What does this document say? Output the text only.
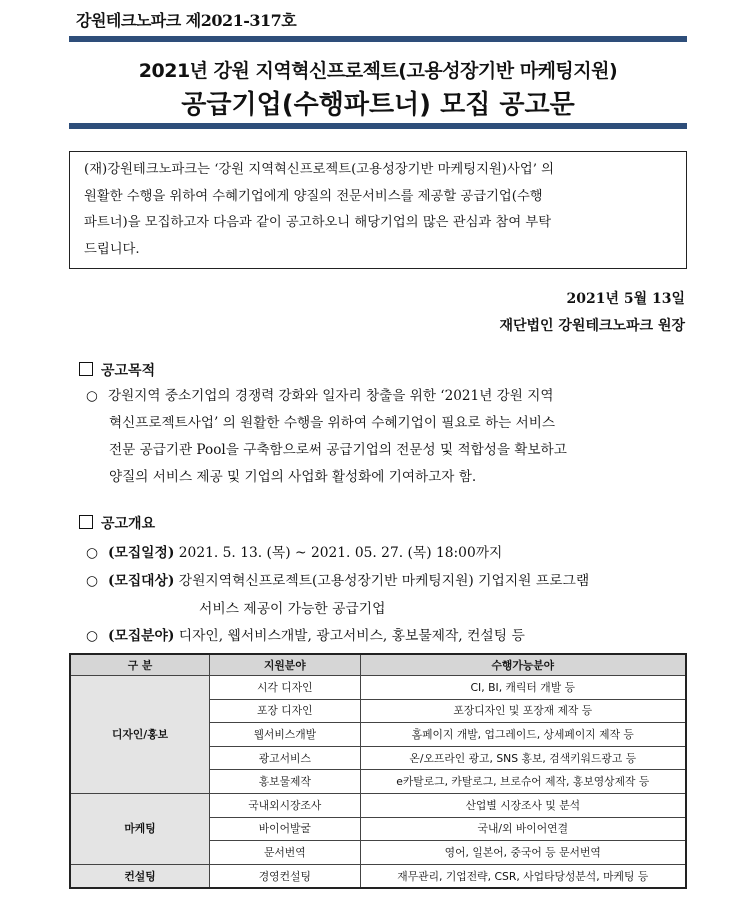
강원테크노파크 제2021-317호
2021년 강원 지역혁신프로젝트(고용성장기반 마케팅지원)
공급기업(수행파트너) 모집 공고문
(재)강원테크노파크는 ‘강원 지역혁신프로젝트(고용성장기반 마케팅지원)사업’ 의
원활한 수행을 위하여 수혜기업에게 양질의 전문서비스를 제공할 공급기업(수행
파트너)을 모집하고자 다음과 같이 공고하오니 해당기업의 많은 관심과 참여 부탁
드립니다.
2021년 5월 13일
재단법인 강원테크노파크 원장
공고목적
○ 강원지역 중소기업의 경쟁력 강화와 일자리 창출을 위한 ‘2021년 강원 지역
혁신프로젝트사업’ 의 원활한 수행을 위하여 수혜기업이 필요로 하는 서비스
전문 공급기관 Pool을 구축함으로써 공급기업의 전문성 및 적합성을 확보하고
양질의 서비스 제공 및 기업의 사업화 활성화에 기여하고자 함.
공고개요
○ (모집일정) 2021. 5. 13. (목) ~ 2021. 05. 27. (목) 18:00까지
○ (모집대상) 강원지역혁신프로젝트(고용성장기반 마케팅지원) 기업지원 프로그램
서비스 제공이 가능한 공급기업
○ (모집분야) 디자인, 웹서비스개발, 광고서비스, 홍보물제작, 컨설팅 등
구 분	지원분야	수행가능분야
디자인/홍보	시각 디자인	CI, BI, 캐릭터 개발 등
	포장 디자인	포장디자인 및 포장재 제작 등
	웹서비스개발	홈페이지 개발, 업그레이드, 상세페이지 제작 등
	광고서비스	온/오프라인 광고, SNS 홍보, 검색키워드광고 등
	홍보물제작	e카탈로그, 카탈로그, 브로슈어 제작, 홍보영상제작 등
마케팅	국내외시장조사	산업별 시장조사 및 분석
	바이어발굴	국내/외 바이어연결
	문서번역	영어, 일본어, 중국어 등 문서번역
컨설팅	경영컨설팅	재무관리, 기업전략, CSR, 사업타당성분석, 마케팅 등
